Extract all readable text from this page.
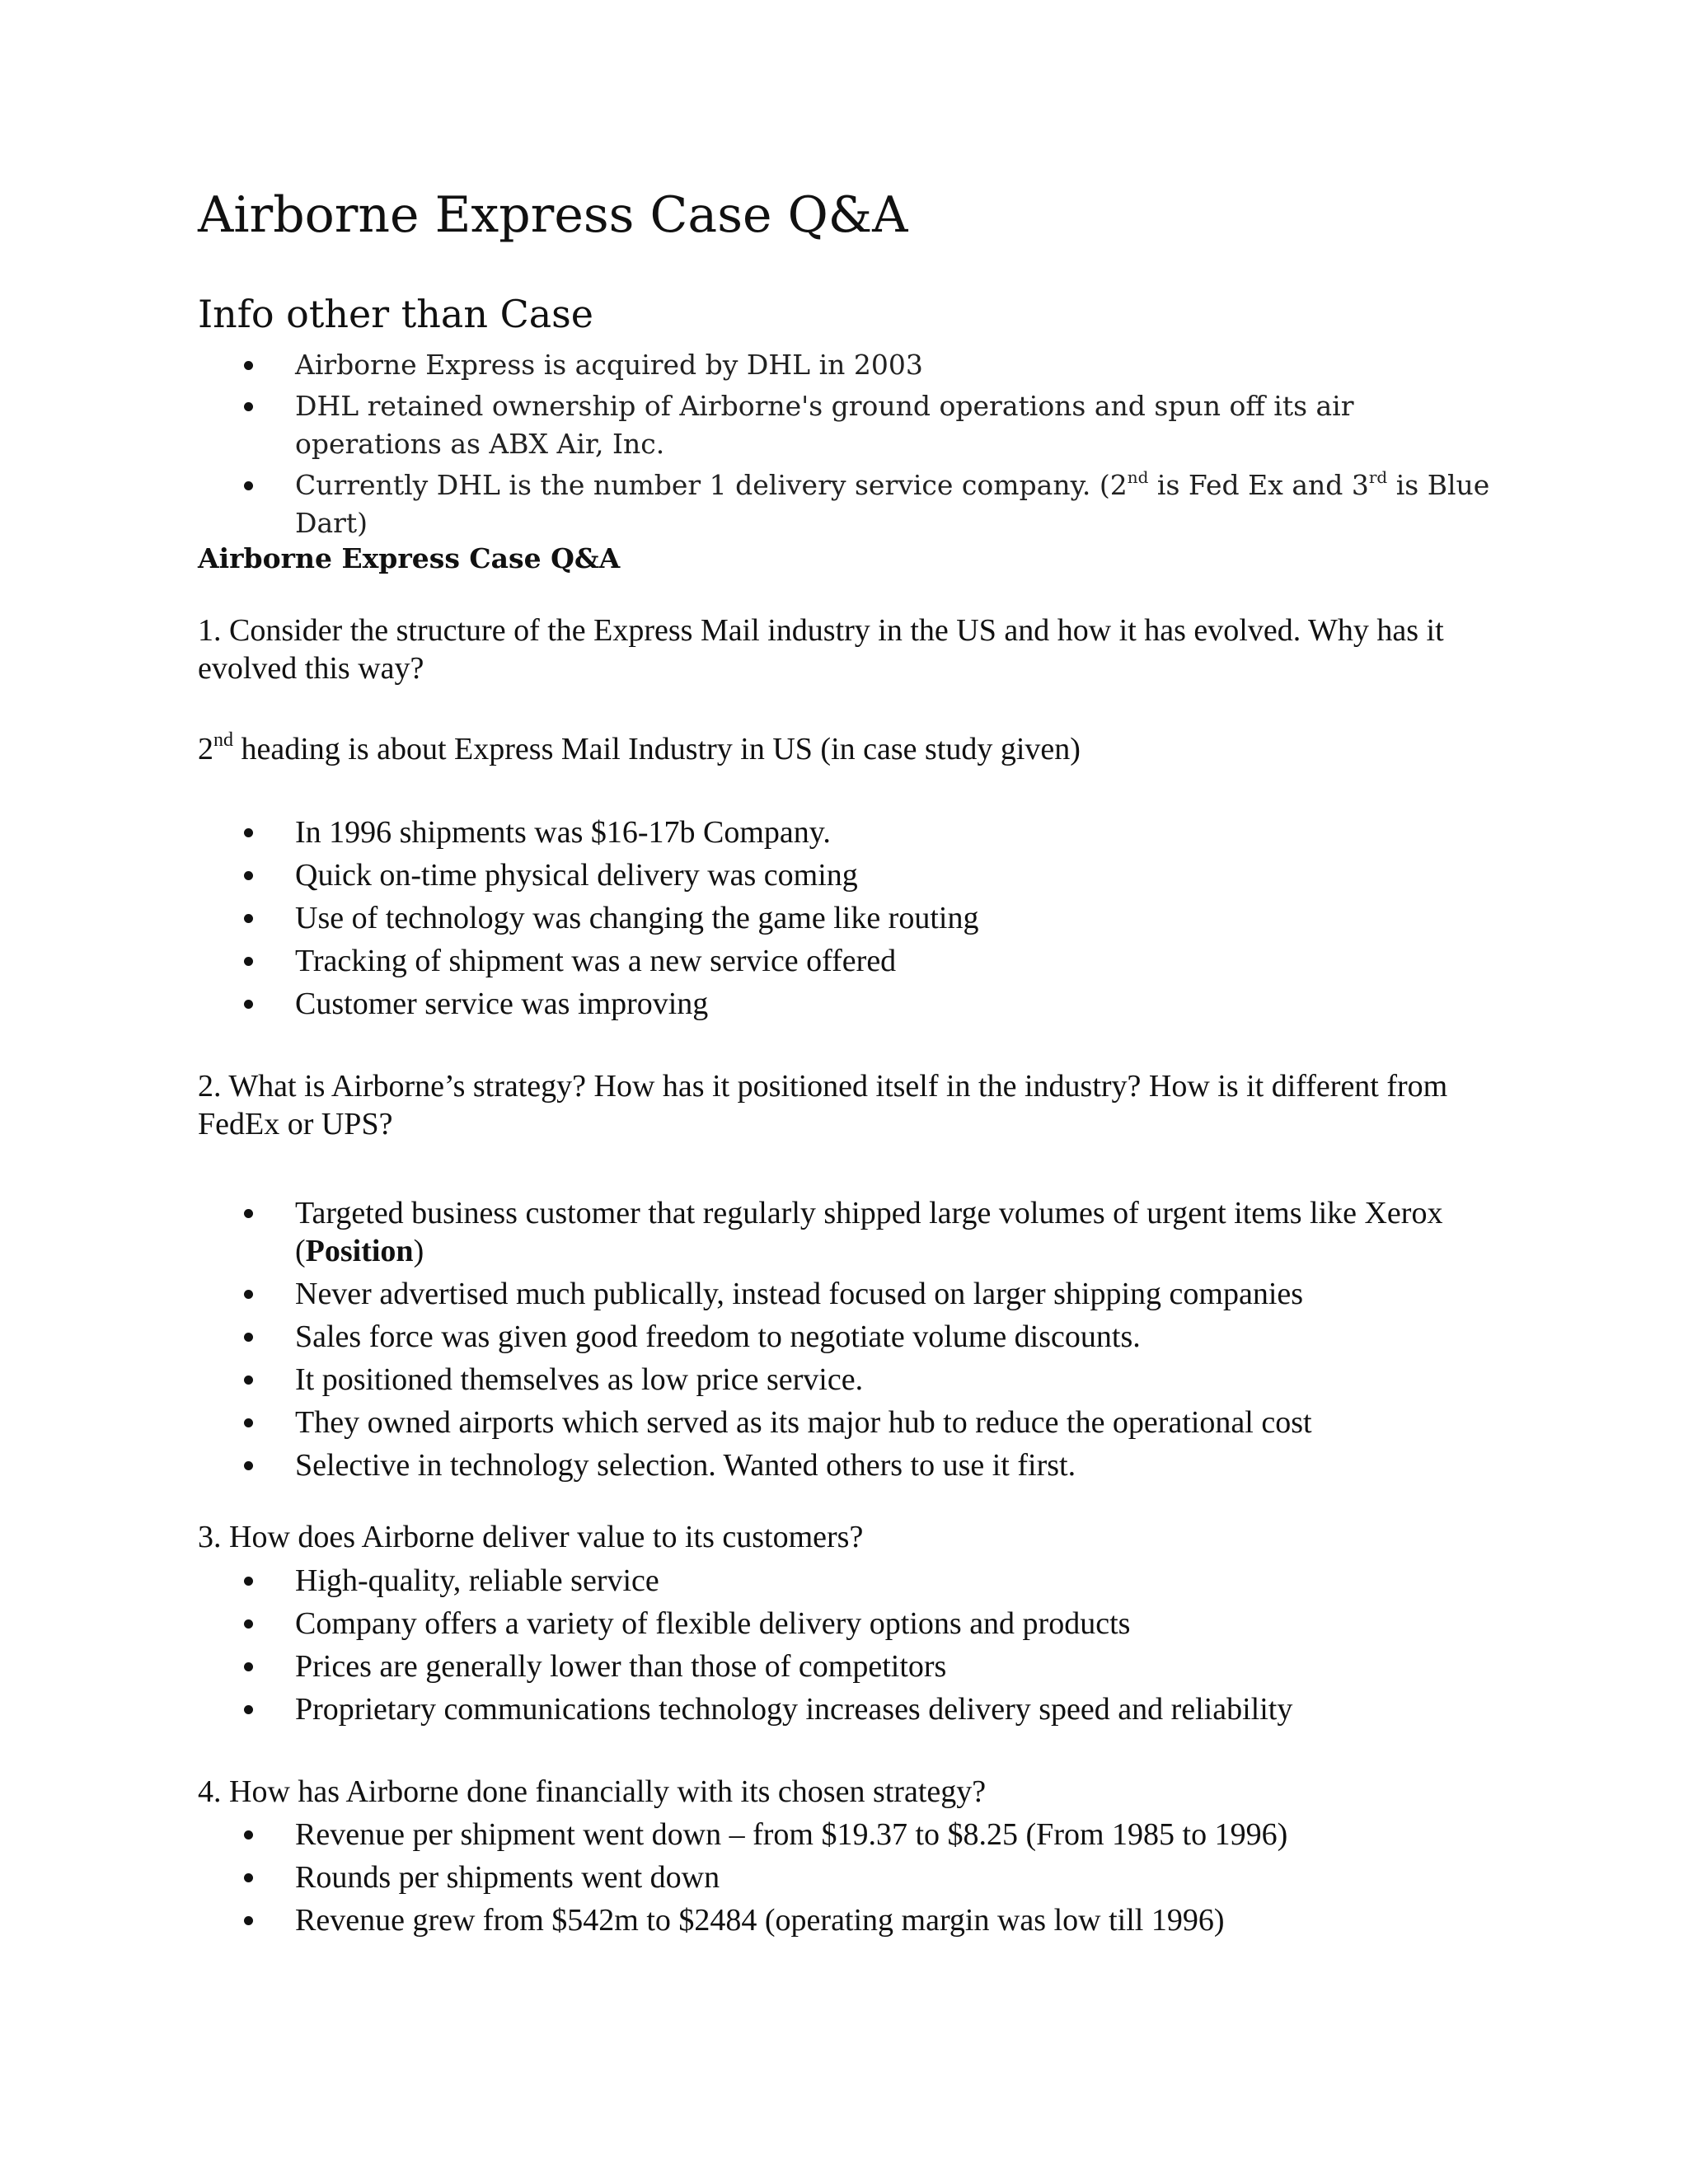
Airborne Express Case Q&A
Info other than Case
Airborne Express is acquired by DHL in 2003
DHL retained ownership of Airborne's ground operations and spun off its air operations as ABX Air, Inc.
Currently DHL is the number 1 delivery service company. (2nd is Fed Ex and 3rd is Blue Dart)
Airborne Express Case Q&A

1. Consider the structure of the Express Mail industry in the US and how it has evolved. Why has it evolved this way?

2nd heading is about Express Mail Industry in US (in case study given)

In 1996 shipments was $16-17b Company.
Quick on-time physical delivery was coming
Use of technology was changing the game like routing
Tracking of shipment was a new service offered
Customer service was improving

2. What is Airborne’s strategy? How has it positioned itself in the industry? How is it different from FedEx or UPS?

Targeted business customer that regularly shipped large volumes of urgent items like Xerox (Position)
Never advertised much publically, instead focused on larger shipping companies
Sales force was given good freedom to negotiate volume discounts.
It positioned themselves as low price service.
They owned airports which served as its major hub to reduce the operational cost
Selective in technology selection. Wanted others to use it first.

3. How does Airborne deliver value to its customers?

High-quality, reliable service
Company offers a variety of flexible delivery options and products
Prices are generally lower than those of competitors
Proprietary communications technology increases delivery speed and reliability

4. How has Airborne done financially with its chosen strategy?

Revenue per shipment went down – from $19.37 to $8.25 (From 1985 to 1996)
Rounds per shipments went down
Revenue grew from $542m to $2484 (operating margin was low till 1996)
